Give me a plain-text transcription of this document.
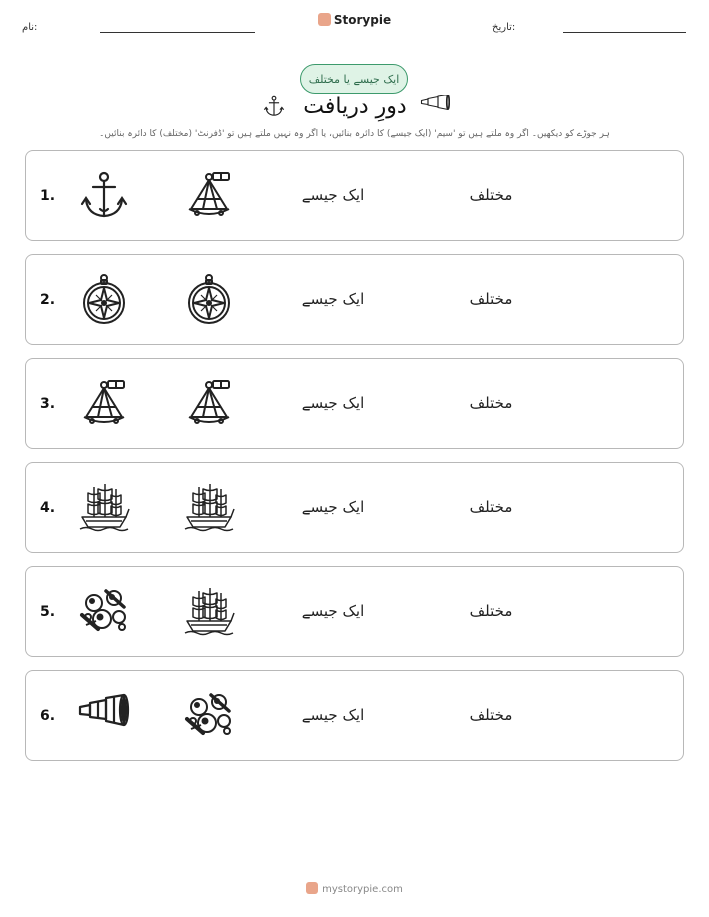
نام:
Storypie
تاریخ:
ایک جیسے یا مختلف
دورِ دریافت
ہر جوڑے کو دیکھیں۔ اگر وہ ملتے ہیں تو 'سیم' (ایک جیسے) کا دائرہ بنائیں، یا اگر وہ نہیں ملتے ہیں تو 'ڈفرنٹ' (مختلف) کا دائرہ بنائیں۔
1.	ایک جیسے	مختلف
2.	ایک جیسے	مختلف
3.	ایک جیسے	مختلف
4.	ایک جیسے	مختلف
5.	ایک جیسے	مختلف
6.	ایک جیسے	مختلف
mystorypie.com
